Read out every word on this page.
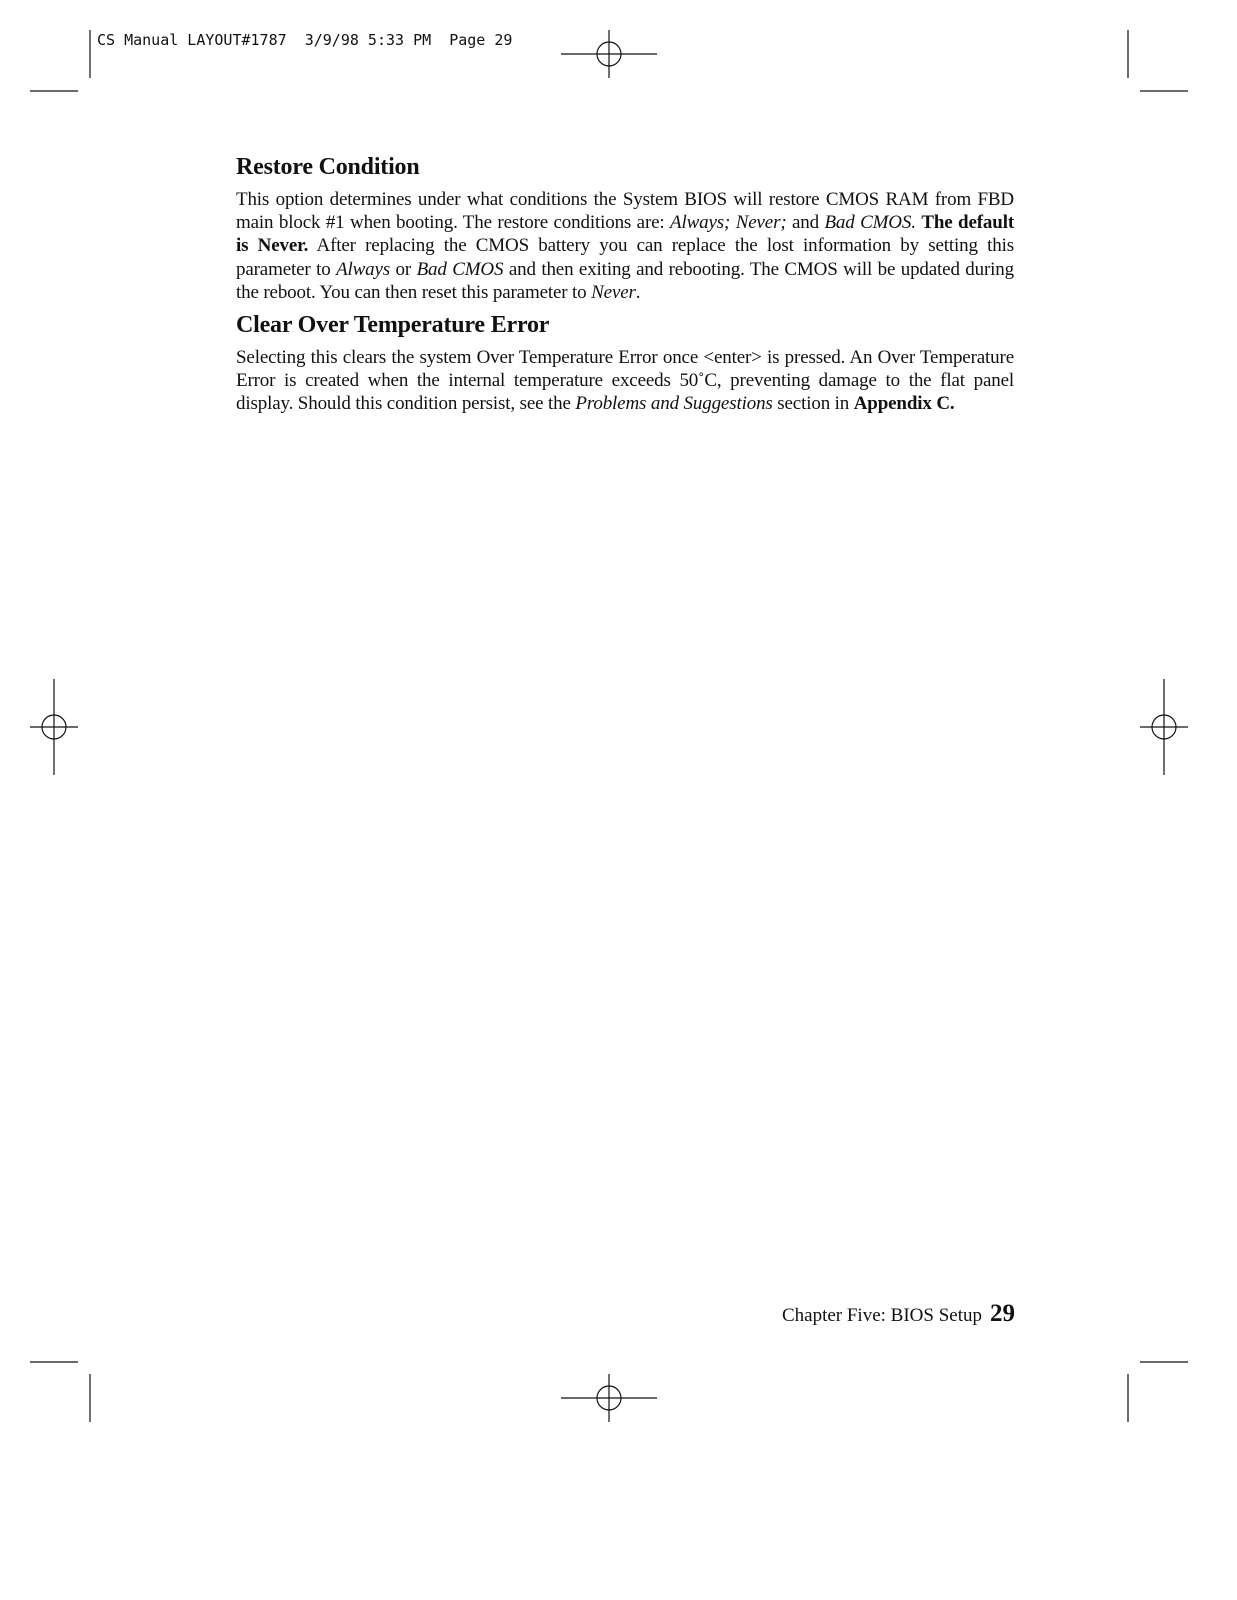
CS Manual LAYOUT#1787  3/9/98 5:33 PM  Page 29
Restore Condition

This option determines under what conditions the System BIOS will restore CMOS RAM from FBD main block #1 when booting. The restore conditions are: Always; Never; and Bad CMOS. The default is Never. After replacing the CMOS battery you can replace the lost information by setting this parameter to Always or Bad CMOS and then exiting and rebooting. The CMOS will be updated during the reboot. You can then reset this parameter to Never.

Clear Over Temperature Error

Selecting this clears the system Over Temperature Error once <enter> is pressed. An Over Temperature Error is created when the internal temperature exceeds 50˚C, preventing damage to the flat panel display. Should this condition persist, see the Problems and Suggestions section in Appendix C.

Chapter Five: BIOS Setup 29
